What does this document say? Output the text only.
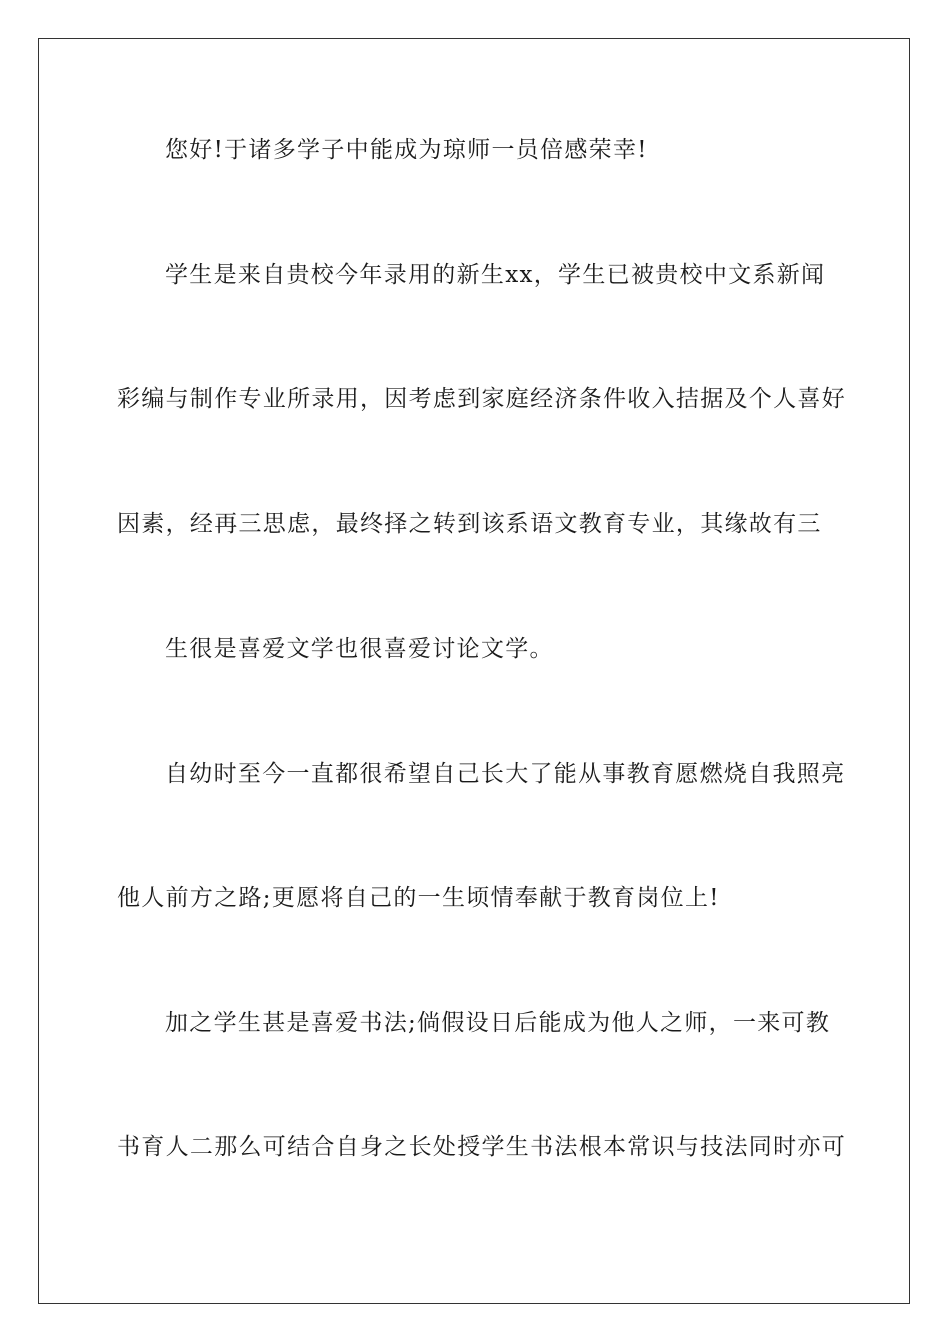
您好!于诸多学子中能成为琼师一员倍感荣幸!
学生是来自贵校今年录用的新生xx，学生已被贵校中文系新闻
彩编与制作专业所录用，因考虑到家庭经济条件收入拮据及个人喜好
因素，经再三思虑，最终择之转到该系语文教育专业，其缘故有三
生很是喜爱文学也很喜爱讨论文学。
自幼时至今一直都很希望自己长大了能从事教育愿燃烧自我照亮
他人前方之路;更愿将自己的一生顷情奉献于教育岗位上!
加之学生甚是喜爱书法;倘假设日后能成为他人之师，一来可教
书育人二那么可结合自身之长处授学生书法根本常识与技法同时亦可
